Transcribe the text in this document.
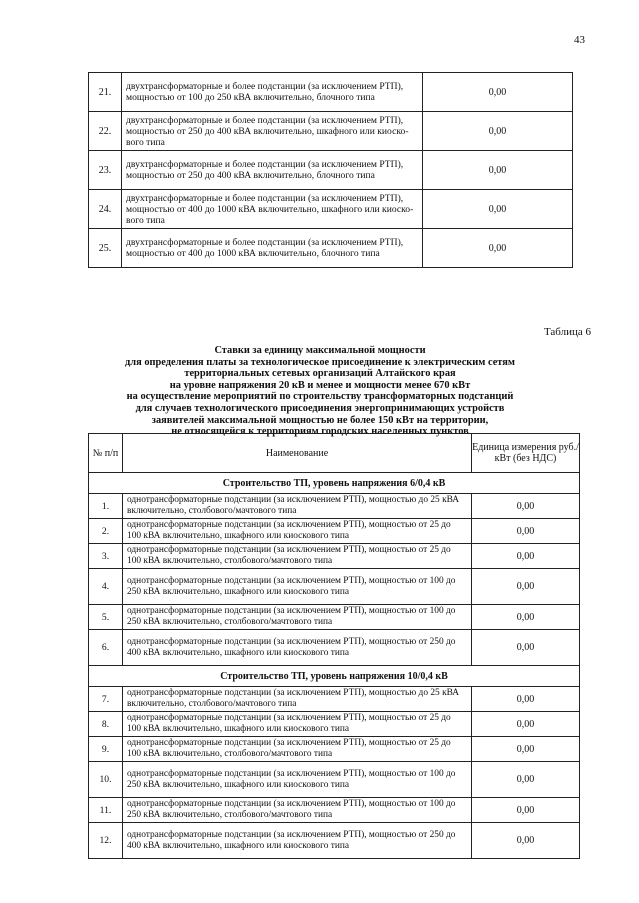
43
21.	двухтрансформаторные и более подстанции (за исключением РТП), мощностью от 100 до 250 кВА включительно, блочного типа	0,00
22.	двухтрансформаторные и более подстанции (за исключением РТП), мощностью от 250 до 400 кВА включительно, шкафного или киоскового типа	0,00
23.	двухтрансформаторные и более подстанции (за исключением РТП), мощностью от 250 до 400 кВА включительно, блочного типа	0,00
24.	двухтрансформаторные и более подстанции (за исключением РТП), мощностью от 400 до 1000 кВА включительно, шкафного или киоскового типа	0,00
25.	двухтрансформаторные и более подстанции (за исключением РТП), мощностью от 400 до 1000 кВА включительно, блочного типа	0,00
Таблица 6
Ставки за единицу максимальной мощности
для определения платы за технологическое присоединение к электрическим сетям
территориальных сетевых организаций Алтайского края
на уровне напряжения 20 кВ и менее и мощности менее 670 кВт
на осуществление мероприятий по строительству трансформаторных подстанций
для случаев технологического присоединения энергопринимающих устройств
заявителей максимальной мощностью не более 150 кВт на территории,
не относящейся к территориям городских населенных пунктов
№ п/п	Наименование	Единица измерения руб./кВт (без НДС)
Строительство ТП, уровень напряжения 6/0,4 кВ		
1.	однотрансформаторные подстанции (за исключением РТП), мощностью до 25 кВА включительно, столбового/мачтового типа	0,00
2.	однотрансформаторные подстанции (за исключением РТП), мощностью от 25 до 100 кВА включительно, шкафного или киоскового типа	0,00
3.	однотрансформаторные подстанции (за исключением РТП), мощностью от 25 до 100 кВА включительно, столбового/мачтового типа	0,00
4.	однотрансформаторные подстанции (за исключением РТП), мощностью от 100 до 250 кВА включительно, шкафного или киоскового типа	0,00
5.	однотрансформаторные подстанции (за исключением РТП), мощностью от 100 до 250 кВА включительно, столбового/мачтового типа	0,00
6.	однотрансформаторные подстанции (за исключением РТП), мощностью от 250 до 400 кВА включительно, шкафного или киоскового типа	0,00
Строительство ТП, уровень напряжения 10/0,4 кВ		
7.	однотрансформаторные подстанции (за исключением РТП), мощностью до 25 кВА включительно, столбового/мачтового типа	0,00
8.	однотрансформаторные подстанции (за исключением РТП), мощностью от 25 до 100 кВА включительно, шкафного или киоскового типа	0,00
9.	однотрансформаторные подстанции (за исключением РТП), мощностью от 25 до 100 кВА включительно, столбового/мачтового типа	0,00
10.	однотрансформаторные подстанции (за исключением РТП), мощностью от 100 до 250 кВА включительно, шкафного или киоскового типа	0,00
11.	однотрансформаторные подстанции (за исключением РТП), мощностью от 100 до 250 кВА включительно, столбового/мачтового типа	0,00
12.	однотрансформаторные подстанции (за исключением РТП), мощностью от 250 до 400 кВА включительно, шкафного или киоскового типа	0,00
